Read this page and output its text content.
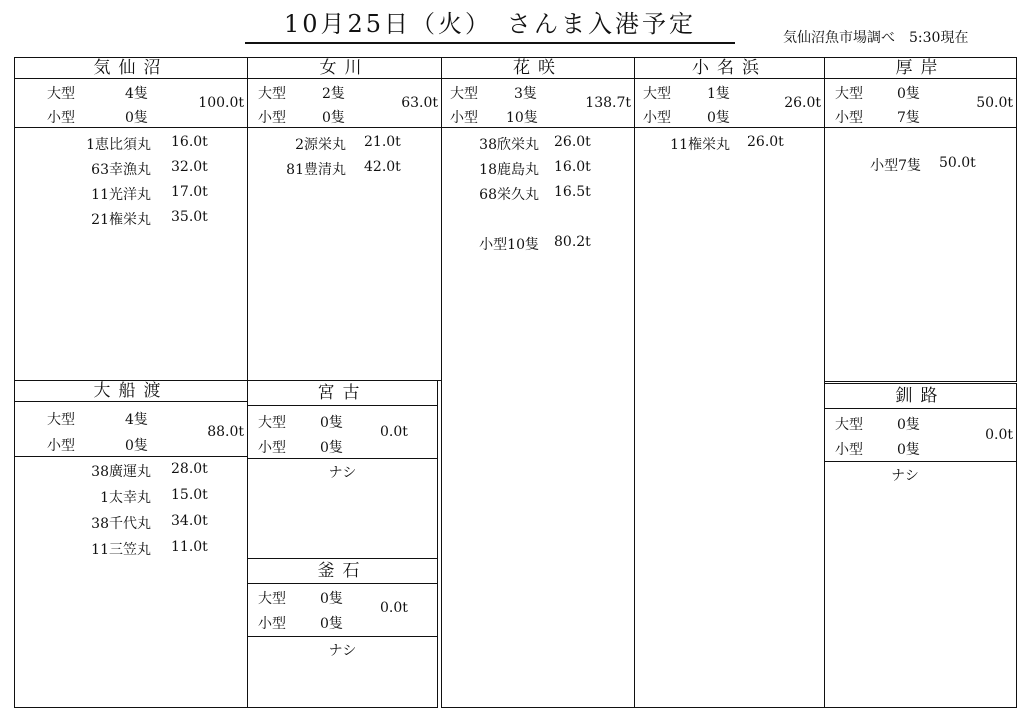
10月25日（火）　さんま入港予定	気仙沼魚市場調べ　5:30現在
気仙沼
大型	4隻
小型	0隻
100.0t
1恵比須丸 16.0t
63幸漁丸 32.0t
11光洋丸 17.0t
21権栄丸 35.0t
女川
大型	2隻
小型	0隻
63.0t
2源栄丸 21.0t
81豊清丸 42.0t
花咲
大型	3隻
小型 10隻
138.7t
38欣栄丸 26.0t
18鹿島丸 16.0t
68栄久丸 16.5t
小型10隻 80.2t
小名浜
大型	1隻
小型	0隻
26.0t
11権栄丸 26.0t
厚岸
大型 0隻
小型 7隻
50.0t
小型7隻 50.0t
大船渡
大型	4隻
小型	0隻
88.0t
38廣運丸 28.0t
1太幸丸 15.0t
38千代丸 34.0t
11三笠丸 11.0t
宮古
大型 0隻
小型 0隻
0.0t
ナシ
釜石
大型 0隻
小型 0隻
0.0t
ナシ
釧路
大型 0隻
小型 0隻
0.0t
ナシ
